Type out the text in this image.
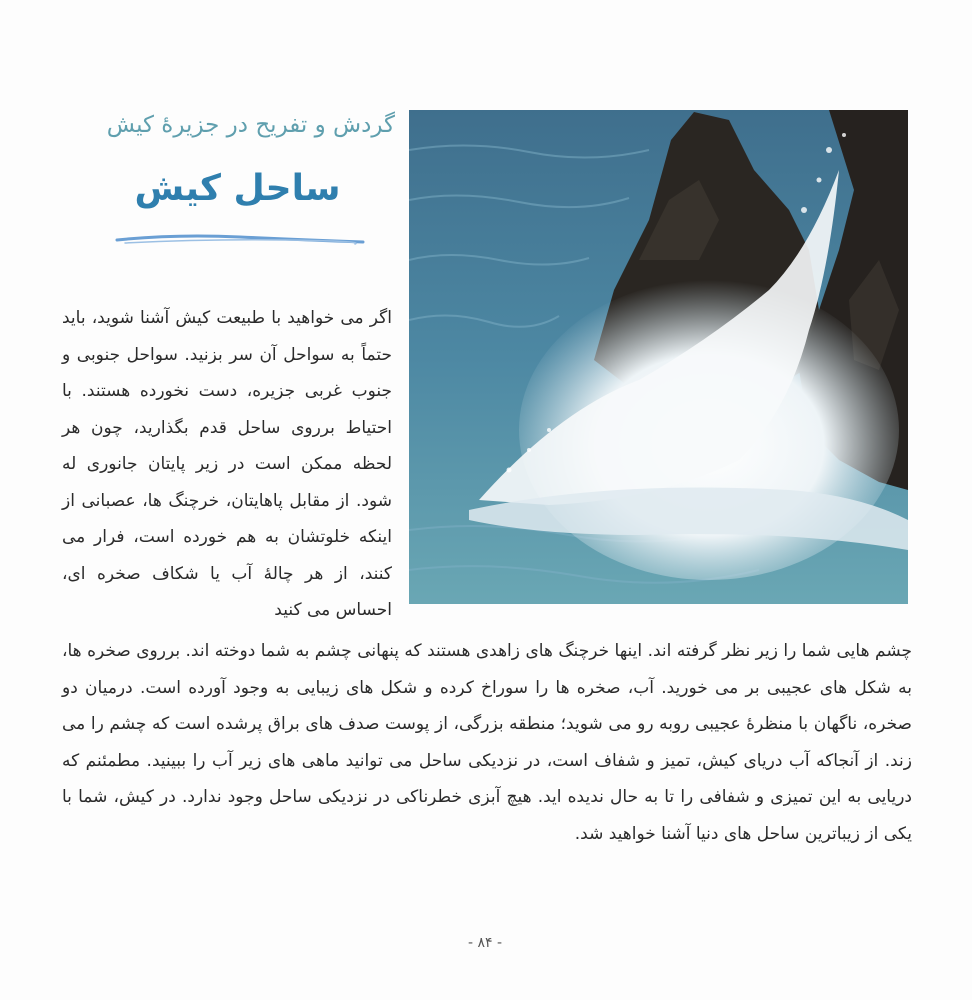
گردش و تفریح در جزیرهٔ کیش
ساحل کیش
اگر می خواهید با طبیعت کیش آشنا شوید، باید حتماً به سواحل آن سر بزنید. سواحل جنوبی و جنوب غربی جزیره، دست نخورده هستند. با احتیاط برروی ساحل قدم بگذارید، چون هر لحظه ممکن است در زیر پایتان جانوری له شود. از مقابل پاهایتان، خرچنگ ها، عصبانی از اینکه خلوتشان به هم خورده است، فرار می کنند، از هر چالهٔ آب یا شکاف صخره ای، احساس می کنید
چشم هایی شما را زیر نظر گرفته اند. اینها خرچنگ های زاهدی هستند که پنهانی چشم به شما دوخته اند. برروی صخره ها، به شکل های عجیبی بر می خورید. آب، صخره ها را سوراخ کرده و شکل های زیبایی به وجود آورده است. درمیان دو صخره، ناگهان با منظرهٔ عجیبی روبه رو می شوید؛ منطقه بزرگی، از پوست صدف های براق پرشده است که چشم را می زند. از آنجاکه آب دریای کیش، تمیز و شفاف است، در نزدیکی ساحل می توانید ماهی های زیر آب را ببینید. مطمئنم که دریایی به این تمیزی و شفافی را تا به حال ندیده اید. هیچ آبزی خطرناکی در نزدیکی ساحل وجود ندارد. در کیش، شما با یکی از زیباترین ساحل های دنیا آشنا خواهید شد.
- ۸۴ -
